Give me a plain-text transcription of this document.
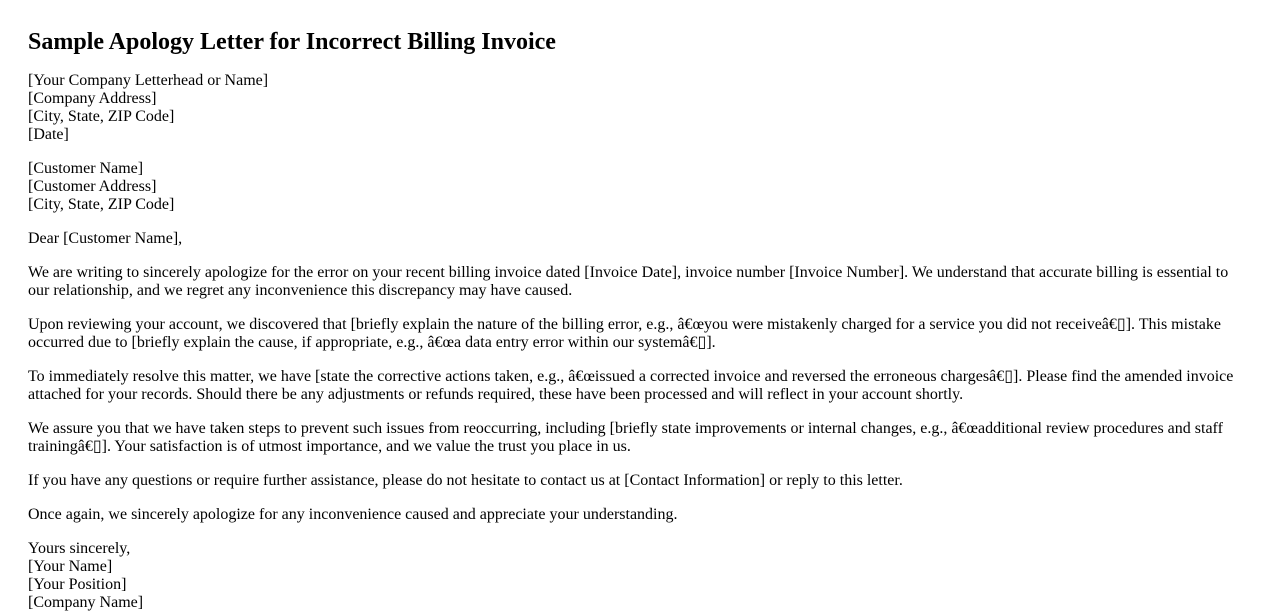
Sample Apology Letter for Incorrect Billing Invoice

[Your Company Letterhead or Name]
[Company Address]
[City, State, ZIP Code]
[Date]

[Customer Name]
[Customer Address]
[City, State, ZIP Code]

Dear [Customer Name],

We are writing to sincerely apologize for the error on your recent billing invoice dated [Invoice Date], invoice number [Invoice Number]. We understand that accurate billing is essential to our relationship, and we regret any inconvenience this discrepancy may have caused.

Upon reviewing your account, we discovered that [briefly explain the nature of the billing error, e.g., â€œyou were mistakenly charged for a service you did not receiveâ€▯]. This mistake occurred due to [briefly explain the cause, if appropriate, e.g., â€œa data entry error within our systemâ€▯].

To immediately resolve this matter, we have [state the corrective actions taken, e.g., â€œissued a corrected invoice and reversed the erroneous chargesâ€▯]. Please find the amended invoice attached for your records. Should there be any adjustments or refunds required, these have been processed and will reflect in your account shortly.

We assure you that we have taken steps to prevent such issues from reoccurring, including [briefly state improvements or internal changes, e.g., â€œadditional review procedures and staff trainingâ€▯]. Your satisfaction is of utmost importance, and we value the trust you place in us.

If you have any questions or require further assistance, please do not hesitate to contact us at [Contact Information] or reply to this letter.

Once again, we sincerely apologize for any inconvenience caused and appreciate your understanding.

Yours sincerely,
[Your Name]
[Your Position]
[Company Name]
